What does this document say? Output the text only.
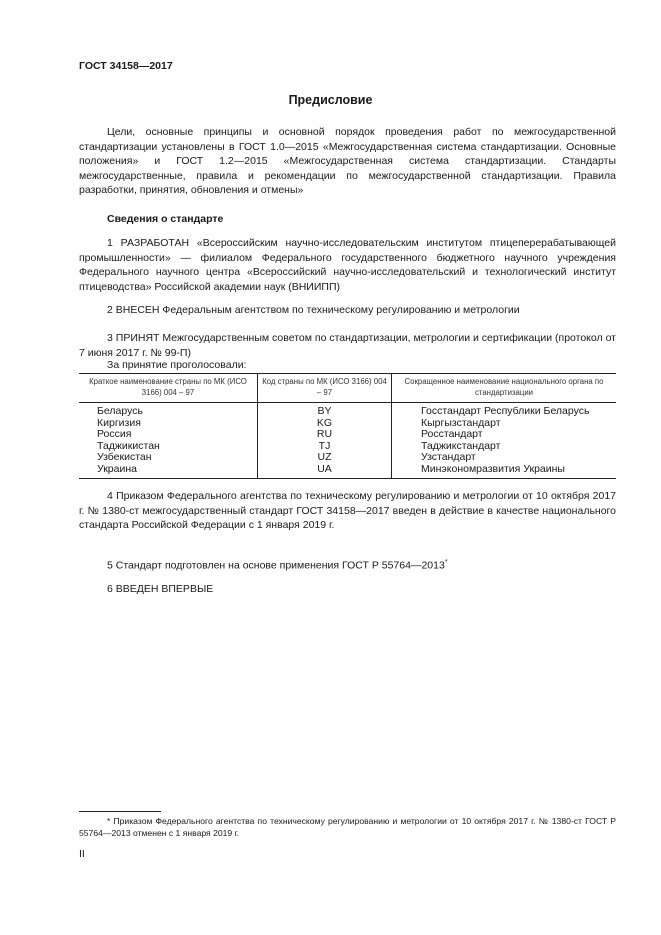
ГОСТ 34158—2017
Предисловие

Цели, основные принципы и основной порядок проведения работ по межгосударственной стандартизации установлены в ГОСТ 1.0—2015 «Межгосударственная система стандартизации. Основные положения» и ГОСТ 1.2—2015 «Межгосударственная система стандартизации. Стандарты межгосударственные, правила и рекомендации по межгосударственной стандартизации. Правила разработки, принятия, обновления и отмены»

Сведения о стандарте

1 РАЗРАБОТАН «Всероссийским научно-исследовательским институтом птицеперерабатывающей промышленности» — филиалом Федерального государственного бюджетного научного учреждения Федерального научного центра «Всероссийский научно-исследовательский и технологический институт птицеводства» Российской академии наук (ВНИИПП)

2 ВНЕСЕН Федеральным агентством по техническому регулированию и метрологии

3 ПРИНЯТ Межгосударственным советом по стандартизации, метрологии и сертификации (протокол от 7 июня 2017 г. № 99-П)

За принятие проголосовали:
Краткое наименование страны по МК (ИСО 3166) 004 – 97	Код страны по МК (ИСО 3166) 004 – 97	Сокращенное наименование национального органа по стандартизации
Беларусь	BY	Госстандарт Республики Беларусь
Киргизия	KG	Кыргызстандарт
Россия	RU	Росстандарт
Таджикистан	TJ	Таджикстандарт
Узбекистан	UZ	Узстандарт
Украина	UA	Минэкономразвития Украины

4 Приказом Федерального агентства по техническому регулированию и метрологии от 10 октября 2017 г. № 1380-ст межгосударственный стандарт ГОСТ 34158—2017 введен в действие в качестве национального стандарта Российской Федерации с 1 января 2019 г.

5 Стандарт подготовлен на основе применения ГОСТ Р 55764—2013*

6 ВВЕДЕН ВПЕРВЫЕ

* Приказом Федерального агентства по техническому регулированию и метрологии от 10 октября 2017 г. № 1380-ст ГОСТ Р 55764—2013 отменен с 1 января 2019 г.

II
